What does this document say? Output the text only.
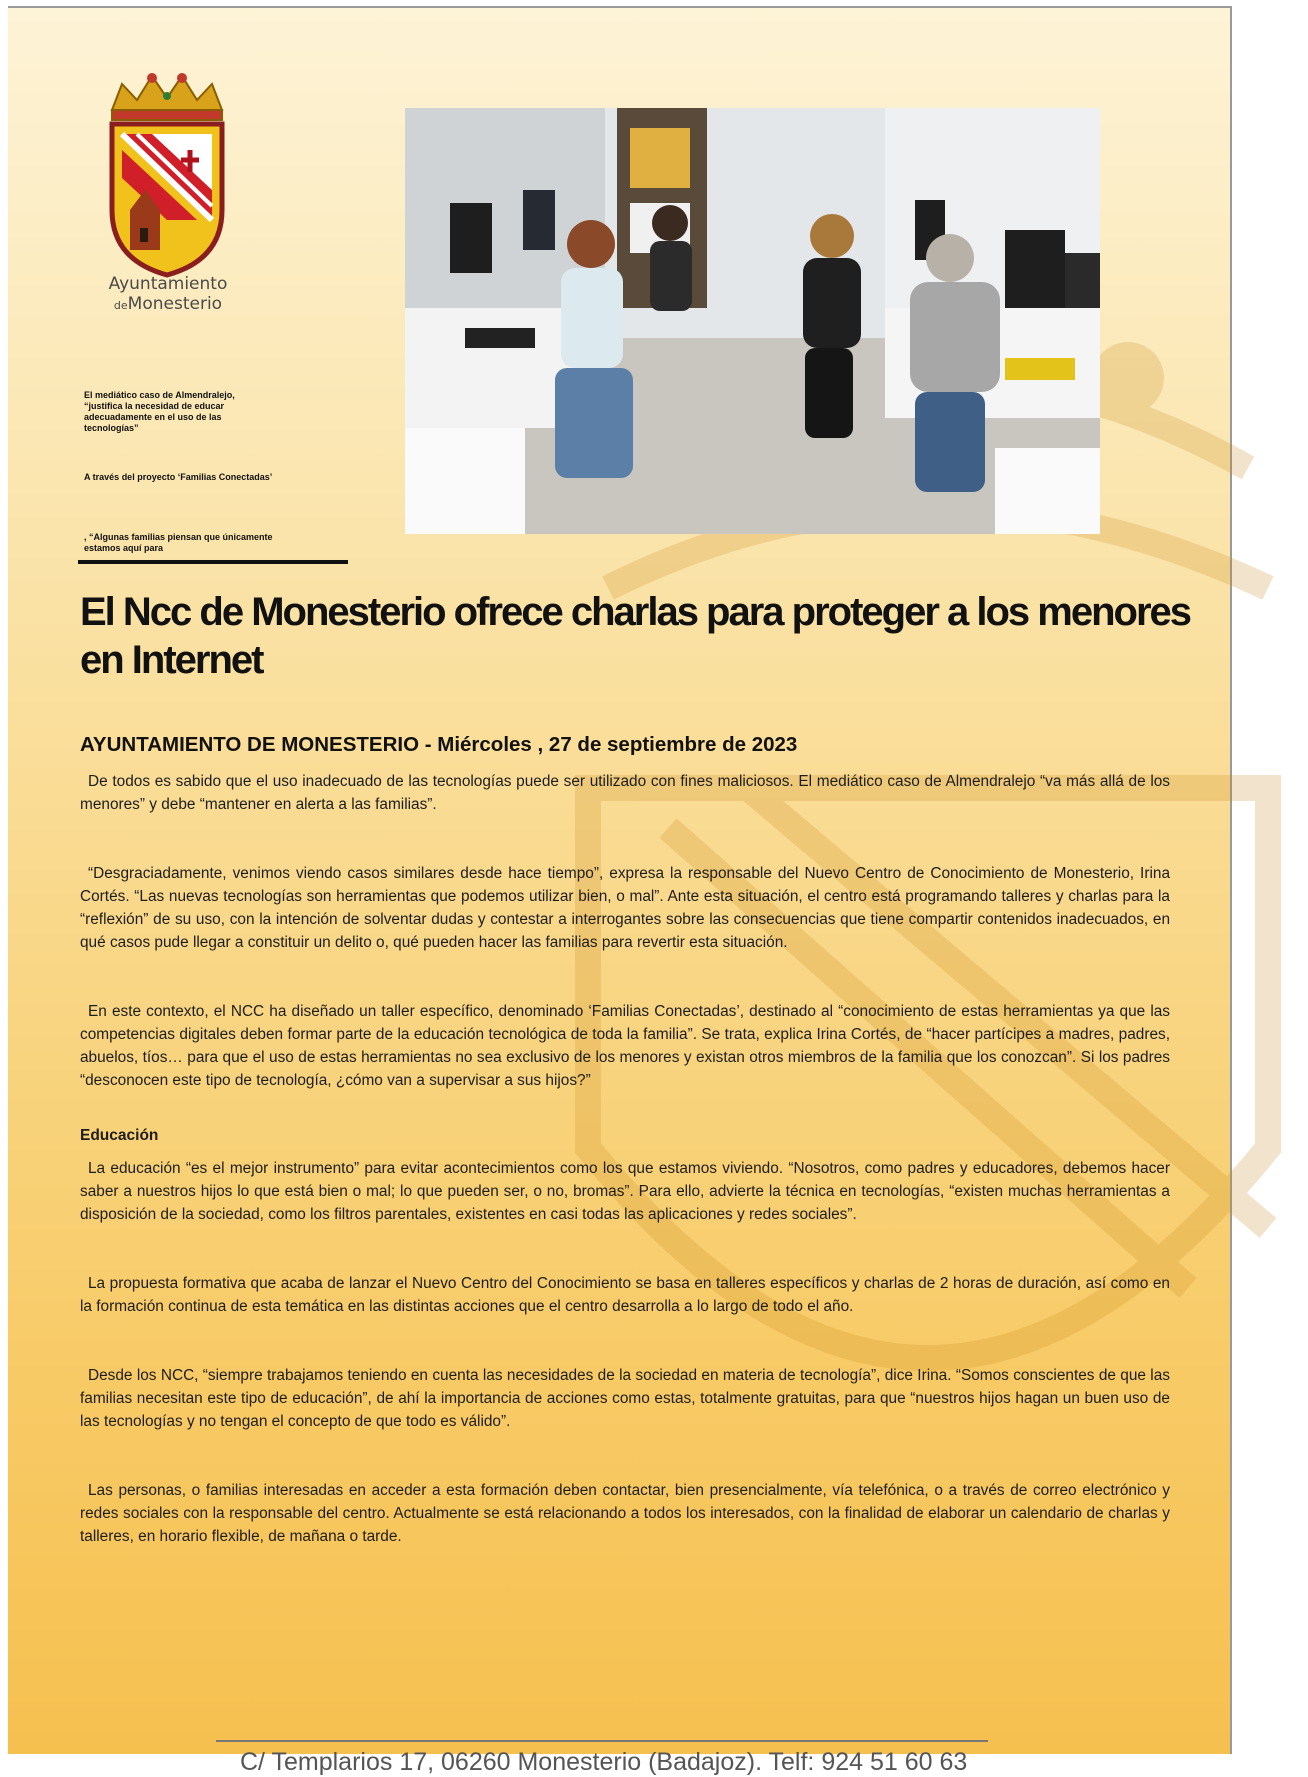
Ayuntamiento
deMonesterio

El mediático caso de Almendralejo, “justifica la necesidad de educar adecuadamente en el uso de las tecnologías”

A través del proyecto ‘Familias Conectadas’

, “Algunas familias piensan que únicamente estamos aquí para

El Ncc de Monesterio ofrece charlas para proteger a los menores en Internet
AYUNTAMIENTO DE MONESTERIO - Miércoles , 27 de septiembre de 2023

De todos es sabido que el uso inadecuado de las tecnologías puede ser utilizado con fines maliciosos. El mediático caso de Almendralejo “va más allá de los menores” y debe “mantener en alerta a las familias”.

“Desgraciadamente, venimos viendo casos similares desde hace tiempo”, expresa la responsable del Nuevo Centro de Conocimiento de Monesterio, Irina Cortés. “Las nuevas tecnologías son herramientas que podemos utilizar bien, o mal”. Ante esta situación, el centro está programando talleres y charlas para la “reflexión” de su uso, con la intención de solventar dudas y contestar a interrogantes sobre las consecuencias que tiene compartir contenidos inadecuados, en qué casos pude llegar a constituir un delito o, qué pueden hacer las familias para revertir esta situación.

En este contexto, el NCC ha diseñado un taller específico, denominado ‘Familias Conectadas’, destinado al “conocimiento de estas herramientas ya que las competencias digitales deben formar parte de la educación tecnológica de toda la familia”. Se trata, explica Irina Cortés, de “hacer partícipes a madres, padres, abuelos, tíos… para que el uso de estas herramientas no sea exclusivo de los menores y existan otros miembros de la familia que los conozcan”. Si los padres “desconocen este tipo de tecnología, ¿cómo van a supervisar a sus hijos?”

Educación

La educación “es el mejor instrumento” para evitar acontecimientos como los que estamos viviendo. “Nosotros, como padres y educadores, debemos hacer saber a nuestros hijos lo que está bien o mal; lo que pueden ser, o no, bromas”. Para ello, advierte la técnica en tecnologías, “existen muchas herramientas a disposición de la sociedad, como los filtros parentales, existentes en casi todas las aplicaciones y redes sociales”.

La propuesta formativa que acaba de lanzar el Nuevo Centro del Conocimiento se basa en talleres específicos y charlas de 2 horas de duración, así como en la formación continua de esta temática en las distintas acciones que el centro desarrolla a lo largo de todo el año.

Desde los NCC, “siempre trabajamos teniendo en cuenta las necesidades de la sociedad en materia de tecnología”, dice Irina. “Somos conscientes de que las familias necesitan este tipo de educación”, de ahí la importancia de acciones como estas, totalmente gratuitas, para que “nuestros hijos hagan un buen uso de las tecnologías y no tengan el concepto de que todo es válido”.

Las personas, o familias interesadas en acceder a esta formación deben contactar, bien presencialmente, vía telefónica, o a través de correo electrónico y redes sociales con la responsable del centro. Actualmente se está relacionando a todos los interesados, con la finalidad de elaborar un calendario de charlas y talleres, en horario flexible, de mañana o tarde.

C/ Templarios 17, 06260 Monesterio (Badajoz). Telf: 924 51 60 63
